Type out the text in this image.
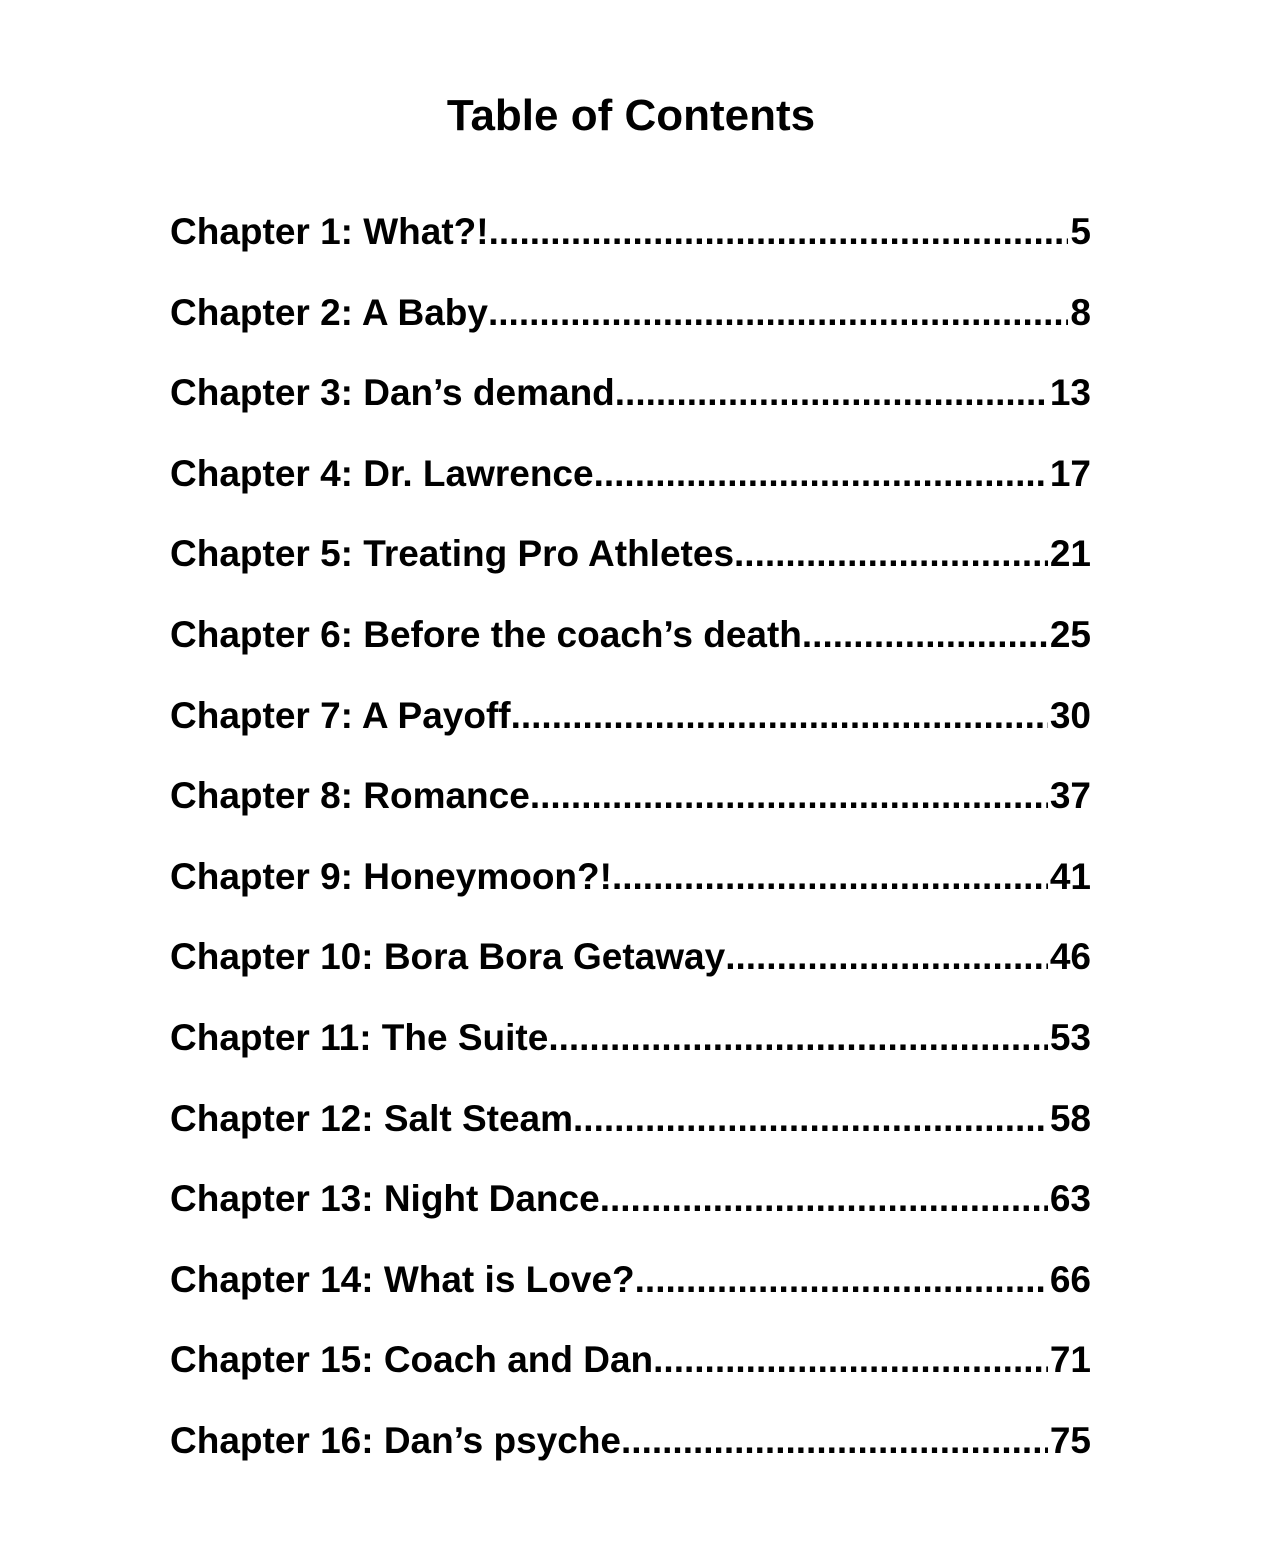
Table of Contents
Chapter 1: What?! .....	5
Chapter 2: A Baby .....	8
Chapter 3: Dan’s demand .....	13
Chapter 4: Dr. Lawrence .....	17
Chapter 5: Treating Pro Athletes .....	21
Chapter 6: Before the coach’s death .....	25
Chapter 7: A Payoff .....	30
Chapter 8: Romance .....	37
Chapter 9: Honeymoon?! .....	41
Chapter 10: Bora Bora Getaway .....	46
Chapter 11: The Suite .....	53
Chapter 12: Salt Steam .....	58
Chapter 13: Night Dance .....	63
Chapter 14: What is Love? .....	66
Chapter 15: Coach and Dan .....	71
Chapter 16: Dan’s psyche .....	75
